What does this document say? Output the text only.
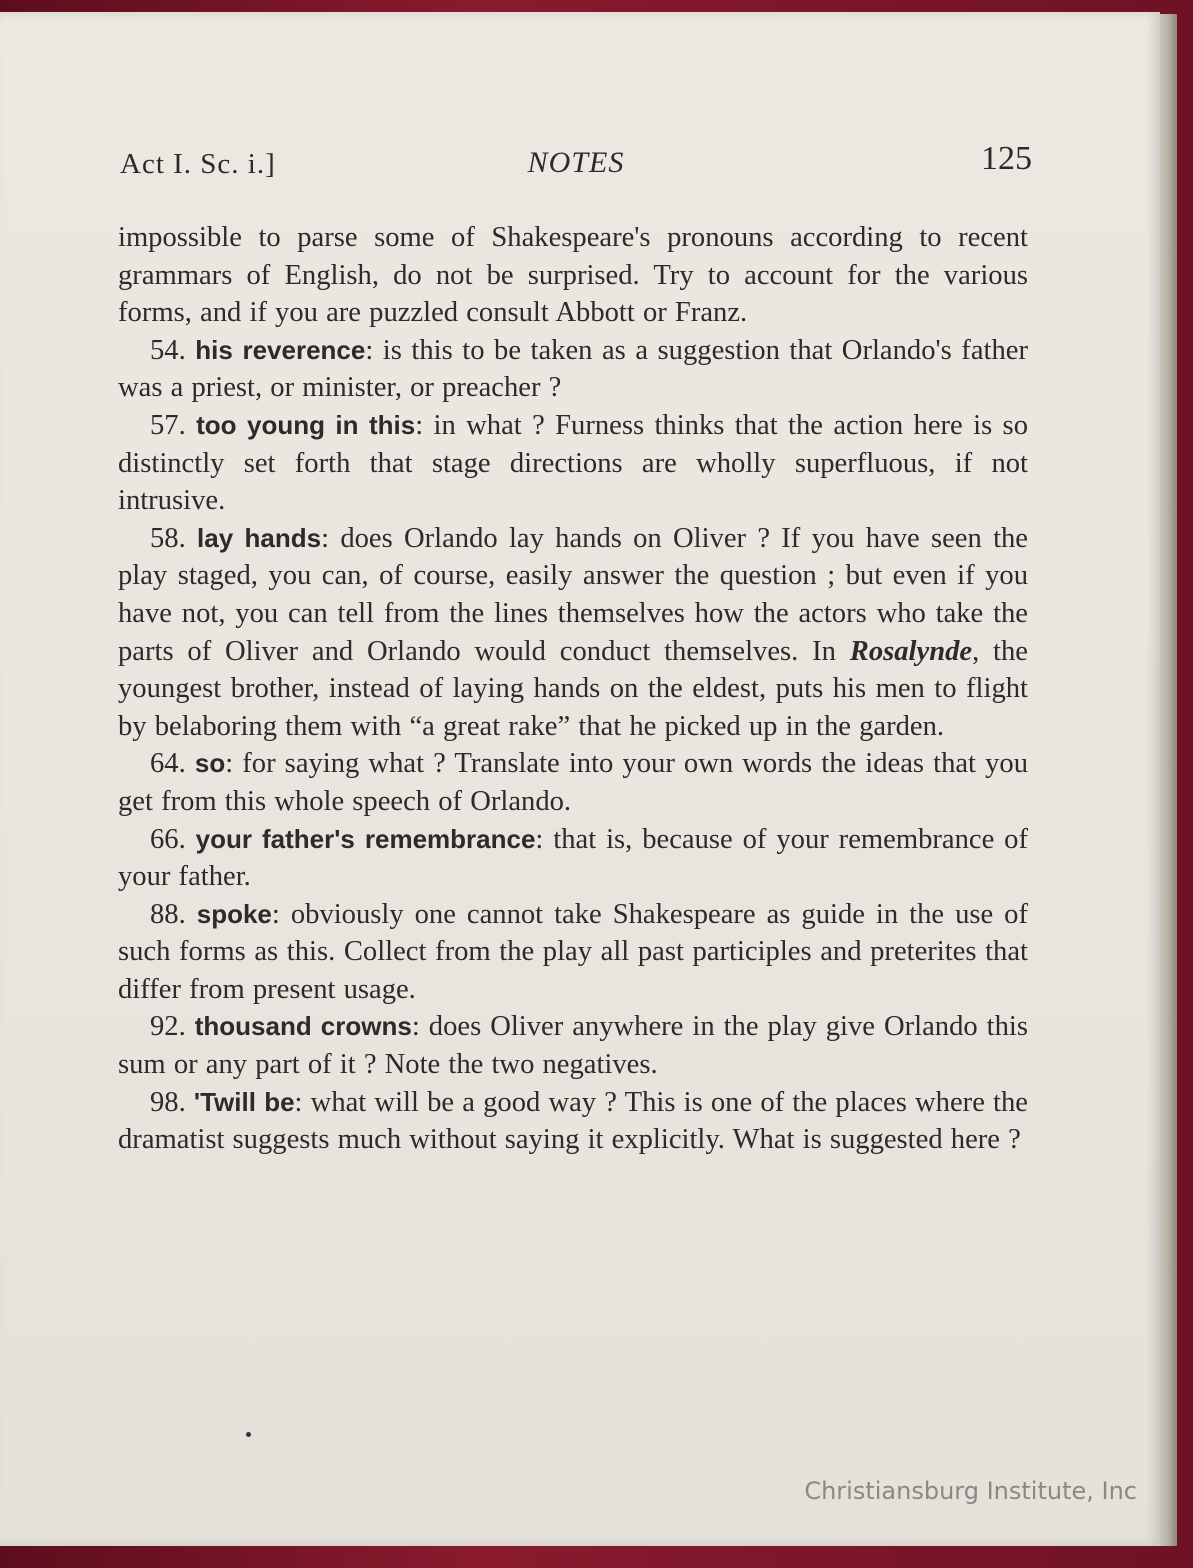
Act I. Sc. i.]	NOTES	125

impossible to parse some of Shakespeare's pronouns according to recent grammars of English, do not be surprised. Try to account for the various forms, and if you are puzzled consult Abbott or Franz.

54. his reverence: is this to be taken as a suggestion that Orlando's father was a priest, or minister, or preacher ?

57. too young in this: in what ? Furness thinks that the action here is so distinctly set forth that stage directions are wholly superfluous, if not intrusive.

58. lay hands: does Orlando lay hands on Oliver ? If you have seen the play staged, you can, of course, easily answer the question ; but even if you have not, you can tell from the lines themselves how the actors who take the parts of Oliver and Orlando would conduct themselves. In Rosalynde, the youngest brother, instead of laying hands on the eldest, puts his men to flight by belaboring them with “a great rake” that he picked up in the garden.

64. so: for saying what ? Translate into your own words the ideas that you get from this whole speech of Orlando.

66. your father's remembrance: that is, because of your remembrance of your father.

88. spoke: obviously one cannot take Shakespeare as guide in the use of such forms as this. Collect from the play all past participles and preterites that differ from present usage.

92. thousand crowns: does Oliver anywhere in the play give Orlando this sum or any part of it ? Note the two negatives.

98. 'Twill be: what will be a good way ? This is one of the places where the dramatist suggests much without saying it explicitly. What is suggested here ?

Christiansburg Institute, Inc
